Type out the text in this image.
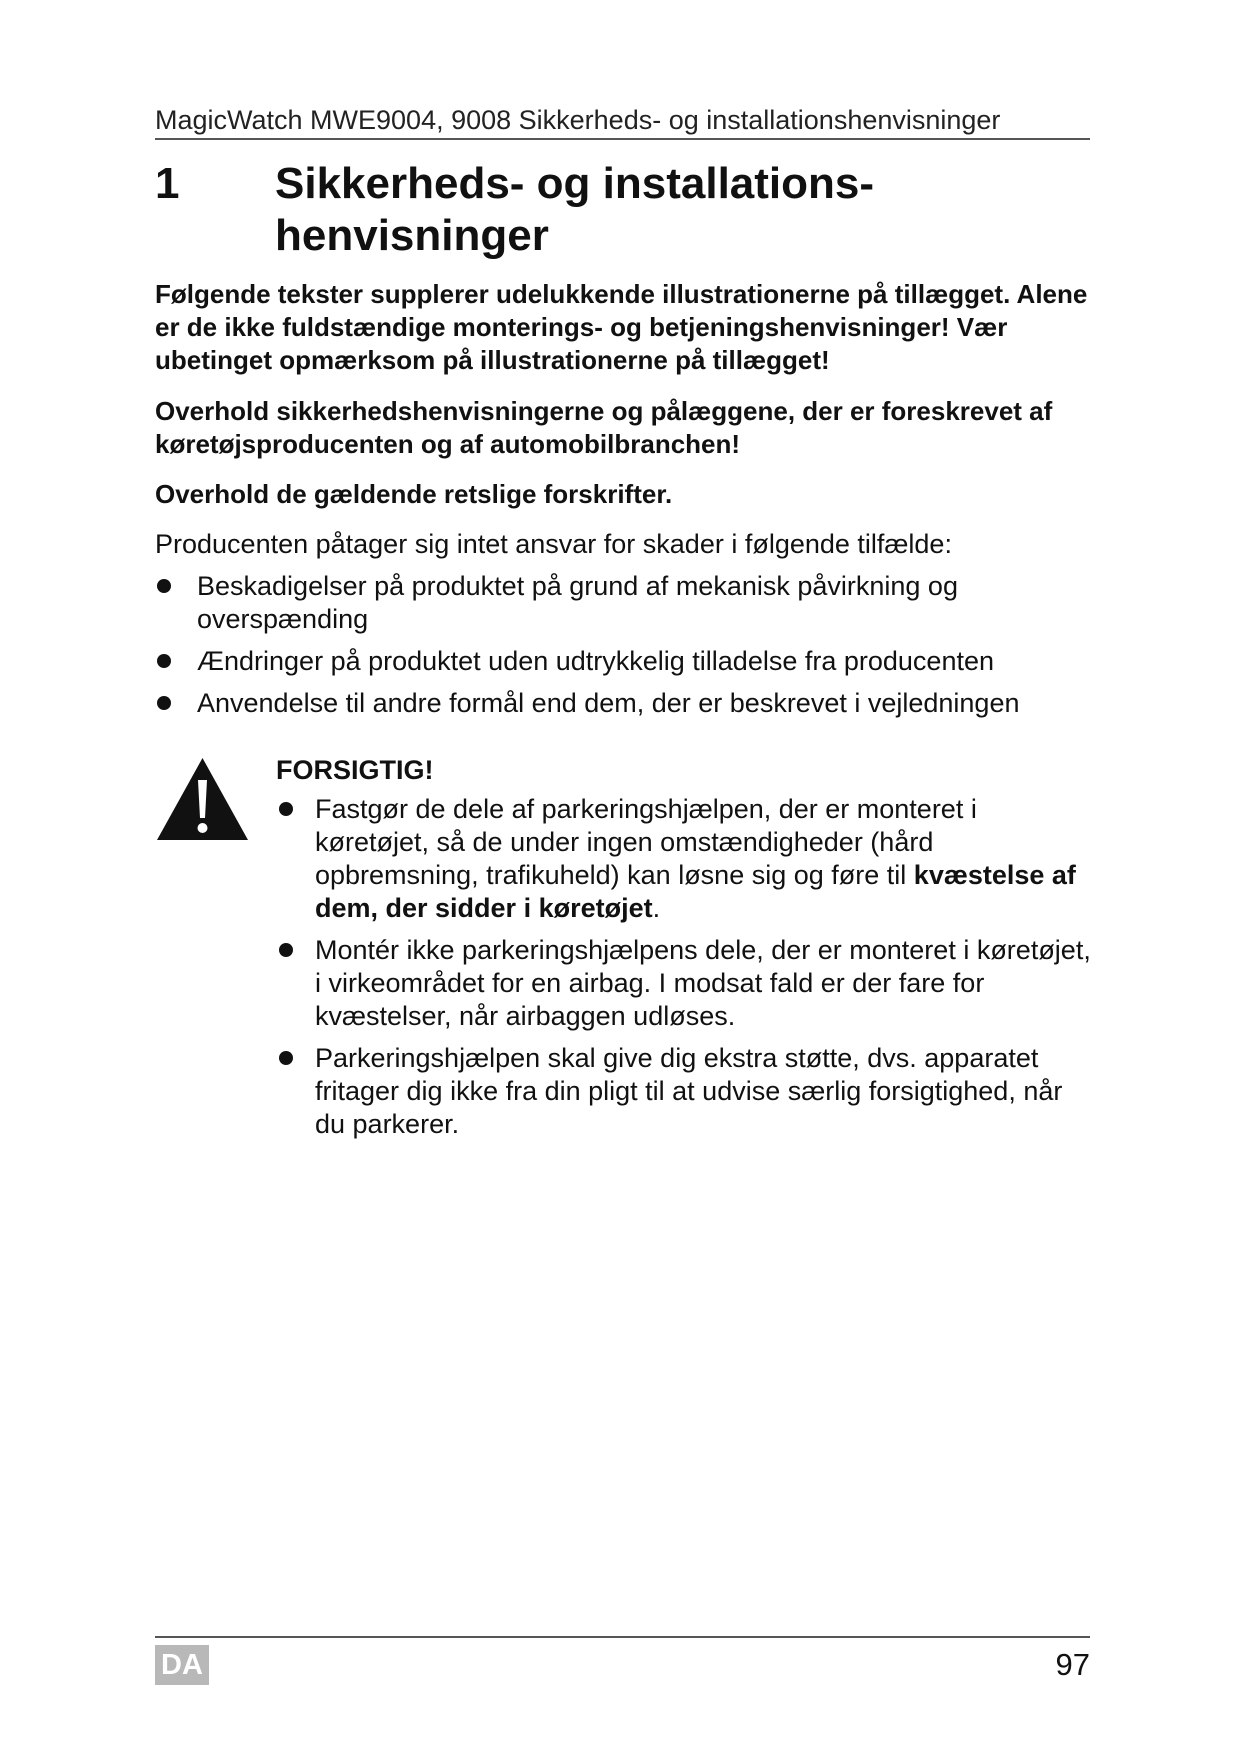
MagicWatch MWE9004, 9008 Sikkerheds- og installationshenvisninger
1 Sikkerheds- og installations-
henvisninger

Følgende tekster supplerer udelukkende illustrationerne på tillægget. Alene er de ikke fuldstændige monterings- og betjeningshenvisninger! Vær ubetinget opmærksom på illustrationerne på tillægget!

Overhold sikkerhedshenvisningerne og pålæggene, der er foreskrevet af køretøjsproducenten og af automobilbranchen!

Overhold de gældende retslige forskrifter.

Producenten påtager sig intet ansvar for skader i følgende tilfælde:

Beskadigelser på produktet på grund af mekanisk påvirkning og overspænding
Ændringer på produktet uden udtrykkelig tilladelse fra producenten
Anvendelse til andre formål end dem, der er beskrevet i vejledningen

FORSIGTIG!

Fastgør de dele af parkeringshjælpen, der er monteret i køretøjet, så de under ingen omstændigheder (hård opbremsning, trafikuheld) kan løsne sig og føre til kvæstelse af dem, der sidder i køretøjet.
Montér ikke parkeringshjælpens dele, der er monteret i køretøjet, i virkeområdet for en airbag. I modsat fald er der fare for kvæstelser, når airbaggen udløses.
Parkeringshjælpen skal give dig ekstra støtte, dvs. apparatet fritager dig ikke fra din pligt til at udvise særlig forsigtighed, når du parkerer.
DA	97
